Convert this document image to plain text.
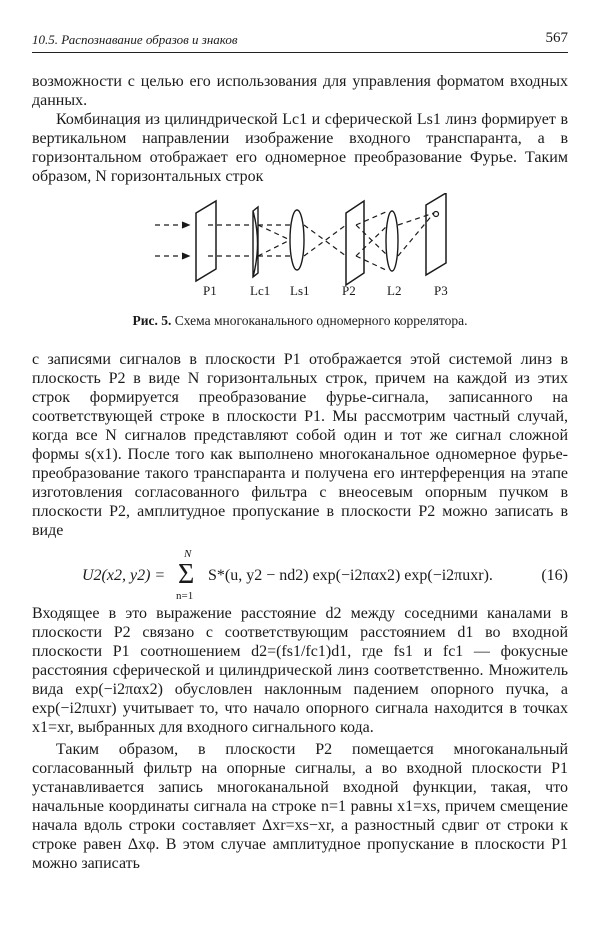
10.5. Распознавание образов и знаков	567

возможности с целью его использования для управления форматом входных данных.

Комбинация из цилиндрической Lc1 и сферической Ls1 линз формирует в вертикальном направлении изображение входного транспаранта, а в горизонтальном отображает его одномерное преобразование Фурье. Таким образом, N горизонтальных строк

P1	Lc1 Ls1	P2 L2	P3
Рис. 5. Схема многоканального одномерного коррелятора.

с записями сигналов в плоскости P1 отображается этой системой линз в плоскость P2 в виде N горизонтальных строк, причем на каждой из этих строк формируется преобразование фурье-сигнала, записанного на соответствующей строке в плоскости P1. Мы рассмотрим частный случай, когда все N сигналов представляют собой один и тот же сигнал сложной формы s(x1). После того как выполнено многоканальное одномерное фурье-преобразование такого транспаранта и получена его интерференция на этапе изготовления согласованного фильтра с внеосевым опорным пучком в плоскости P2, амплитудное пропускание в плоскости P2 можно записать в виде

U2(x2, y2) =
N
Σ
n=1
S*(u, y2 − nd2) exp(−i2παx2) exp(−i2πuxr).	(16)

Входящее в это выражение расстояние d2 между соседними каналами в плоскости P2 связано с соответствующим расстоянием d1 во входной плоскости P1 соотношением d2=(fs1/fc1)d1, где fs1 и fc1 — фокусные расстояния сферической и цилиндрической линз соответственно. Множитель вида exp(−i2παx2) обусловлен наклонным падением опорного пучка, а exp(−i2πuxr) учитывает то, что начало опорного сигнала находится в точках x1=xr, выбранных для входного сигнального кода.

Таким образом, в плоскости P2 помещается многоканальный согласованный фильтр на опорные сигналы, а во входной плоскости P1 устанавливается запись многоканальной входной функции, такая, что начальные координаты сигнала на строке n=1 равны x1=xs, причем смещение начала вдоль строки составляет Δxr=xs−xr, а разностный сдвиг от строки к строке равен Δxφ. В этом случае амплитудное пропускание в плоскости P1 можно записать
